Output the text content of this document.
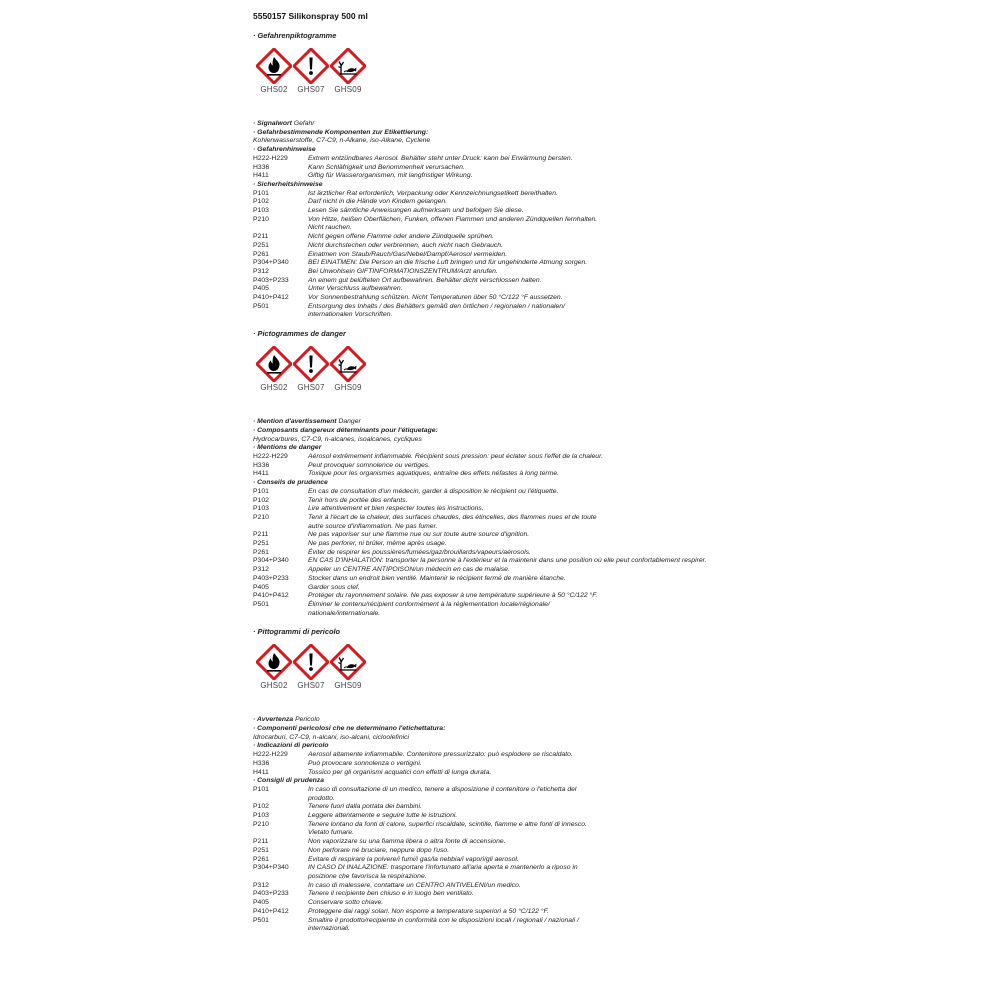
5550157 Silikonspray 500 ml
· Gefahrenpiktogramme
GHS02	GHS07	GHS09
· Signalwort Gefahr
· Gefahrbestimmende Komponenten zur Etikettierung:
Kohlenwasserstoffe, C7-C9, n-Alkane, iso-Alkane, Cyclene
· Gefahrenhinweise
H222-H229	Extrem entzündbares Aerosol. Behälter steht unter Druck: kann bei Erwärmung bersten.
H336	Kann Schläfrigkeit und Benommenheit verursachen.
H411	Giftig für Wasserorganismen, mit langfristiger Wirkung.
· Sicherheitshinweise
P101	Ist ärztlicher Rat erforderlich, Verpackung oder Kennzeichnungsetikett bereithalten.
P102	Darf nicht in die Hände von Kindern gelangen.
P103	Lesen Sie sämtliche Anweisungen aufmerksam und befolgen Sie diese.
P210	Von Hitze, heißen Oberflächen, Funken, offenen Flammen und anderen Zündquellen fernhalten. Nicht rauchen.
P211	Nicht gegen offene Flamme oder andere Zündquelle sprühen.
P251	Nicht durchstechen oder verbrennen, auch nicht nach Gebrauch.
P261	Einatmen von Staub/Rauch/Gas/Nebel/Dampf/Aerosol vermeiden.
P304+P340	BEI EINATMEN: Die Person an die frische Luft bringen und für ungehinderte Atmung sorgen.
P312	Bei Unwohlsein GIFTINFORMATIONSZENTRUM/Arzt anrufen.
P403+P233	An einem gut belüfteten Ort aufbewahren. Behälter dicht verschlossen halten.
P405	Unter Verschluss aufbewahren.
P410+P412	Vor Sonnenbestrahlung schützen. Nicht Temperaturen über 50 °C/122 °F aussetzen.
P501	Entsorgung des Inhalts / des Behälters gemäß den örtlichen / regionalen / nationalen/ internationalen Vorschriften.
· Pictogrammes de danger
GHS02	GHS07	GHS09
· Mention d'avertissement Danger
· Composants dangereux déterminants pour l'étiquetage:
Hydrocarbures, C7-C9, n-alcanes, isoalcanes, cycliques
· Mentions de danger
H222-H229	Aérosol extrêmement inflammable. Récipient sous pression: peut éclater sous l'effet de la chaleur.
H336	Peut provoquer somnolence ou vertiges.
H411	Toxique pour les organismes aquatiques, entraîne des effets néfastes à long terme.
· Conseils de prudence
P101	En cas de consultation d'un médecin, garder à disposition le récipient ou l'étiquette.
P102	Tenir hors de portée des enfants.
P103	Lire attentivement et bien respecter toutes les instructions.
P210	Tenir à l'écart de la chaleur, des surfaces chaudes, des étincelles, des flammes nues et de toute autre source d'inflammation. Ne pas fumer.
P211	Ne pas vaporiser sur une flamme nue ou sur toute autre source d'ignition.
P251	Ne pas perforer, ni brûler, même après usage.
P261	Éviter de respirer les poussières/fumées/gaz/brouillards/vapeurs/aérosols.
P304+P340	EN CAS D'INHALATION: transporter la personne à l'extérieur et la maintenir dans une position où elle peut confortablement respirer.
P312	Appeler un CENTRE ANTIPOISON/un médecin en cas de malaise.
P403+P233	Stocker dans un endroit bien ventilé. Maintenir le récipient fermé de manière étanche.
P405	Garder sous clef.
P410+P412	Protéger du rayonnement solaire. Ne pas exposer à une température supérieure à 50 °C/122 °F.
P501	Éliminer le contenu/récipient conformément à la réglementation locale/régionale/ nationale/internationale.
· Pittogrammi di pericolo
GHS02	GHS07	GHS09
· Avvertenza Pericolo
· Componenti pericolosi che ne determinano l'etichettatura:
Idrocarburi, C7-C9, n-alcani, iso-alcani, cicloolefinici
· Indicazioni di pericolo
H222-H229	Aerosol altamente infiammabile. Contenitore pressurizzato: può esplodere se riscaldato.
H336	Può provocare sonnolenza o vertigini.
H411	Tossico per gli organismi acquatici con effetti di lunga durata.
· Consigli di prudenza
P101	In caso di consultazione di un medico, tenere a disposizione il contenitore o l'etichetta del prodotto.
P102	Tenere fuori dalla portata dei bambini.
P103	Leggere attentamente e seguire tutte le istruzioni.
P210	Tenere lontano da fonti di calore, superfici riscaldate, scintille, fiamme e altre fonti di innesco. Vietato fumare.
P211	Non vaporizzare su una fiamma libera o altra fonte di accensione.
P251	Non perforare né bruciare, neppure dopo l'uso.
P261	Evitare di respirare la polvere/i fumi/i gas/la nebbia/i vapori/gli aerosol.
P304+P340	IN CASO DI INALAZIONE: trasportare l'infortunato all'aria aperta e mantenerlo a riposo in posizione che favorisca la respirazione.
P312	In caso di malessere, contattare un CENTRO ANTIVELENI/un medico.
P403+P233	Tenere il recipiente ben chiuso e in luogo ben ventilato.
P405	Conservare sotto chiave.
P410+P412	Proteggere dai raggi solari. Non esporre a temperature superiori a 50 °C/122 °F.
P501	Smaltire il prodotto/recipiente in conformità con le disposizioni locali / regionali / nazionali / internazionali.
